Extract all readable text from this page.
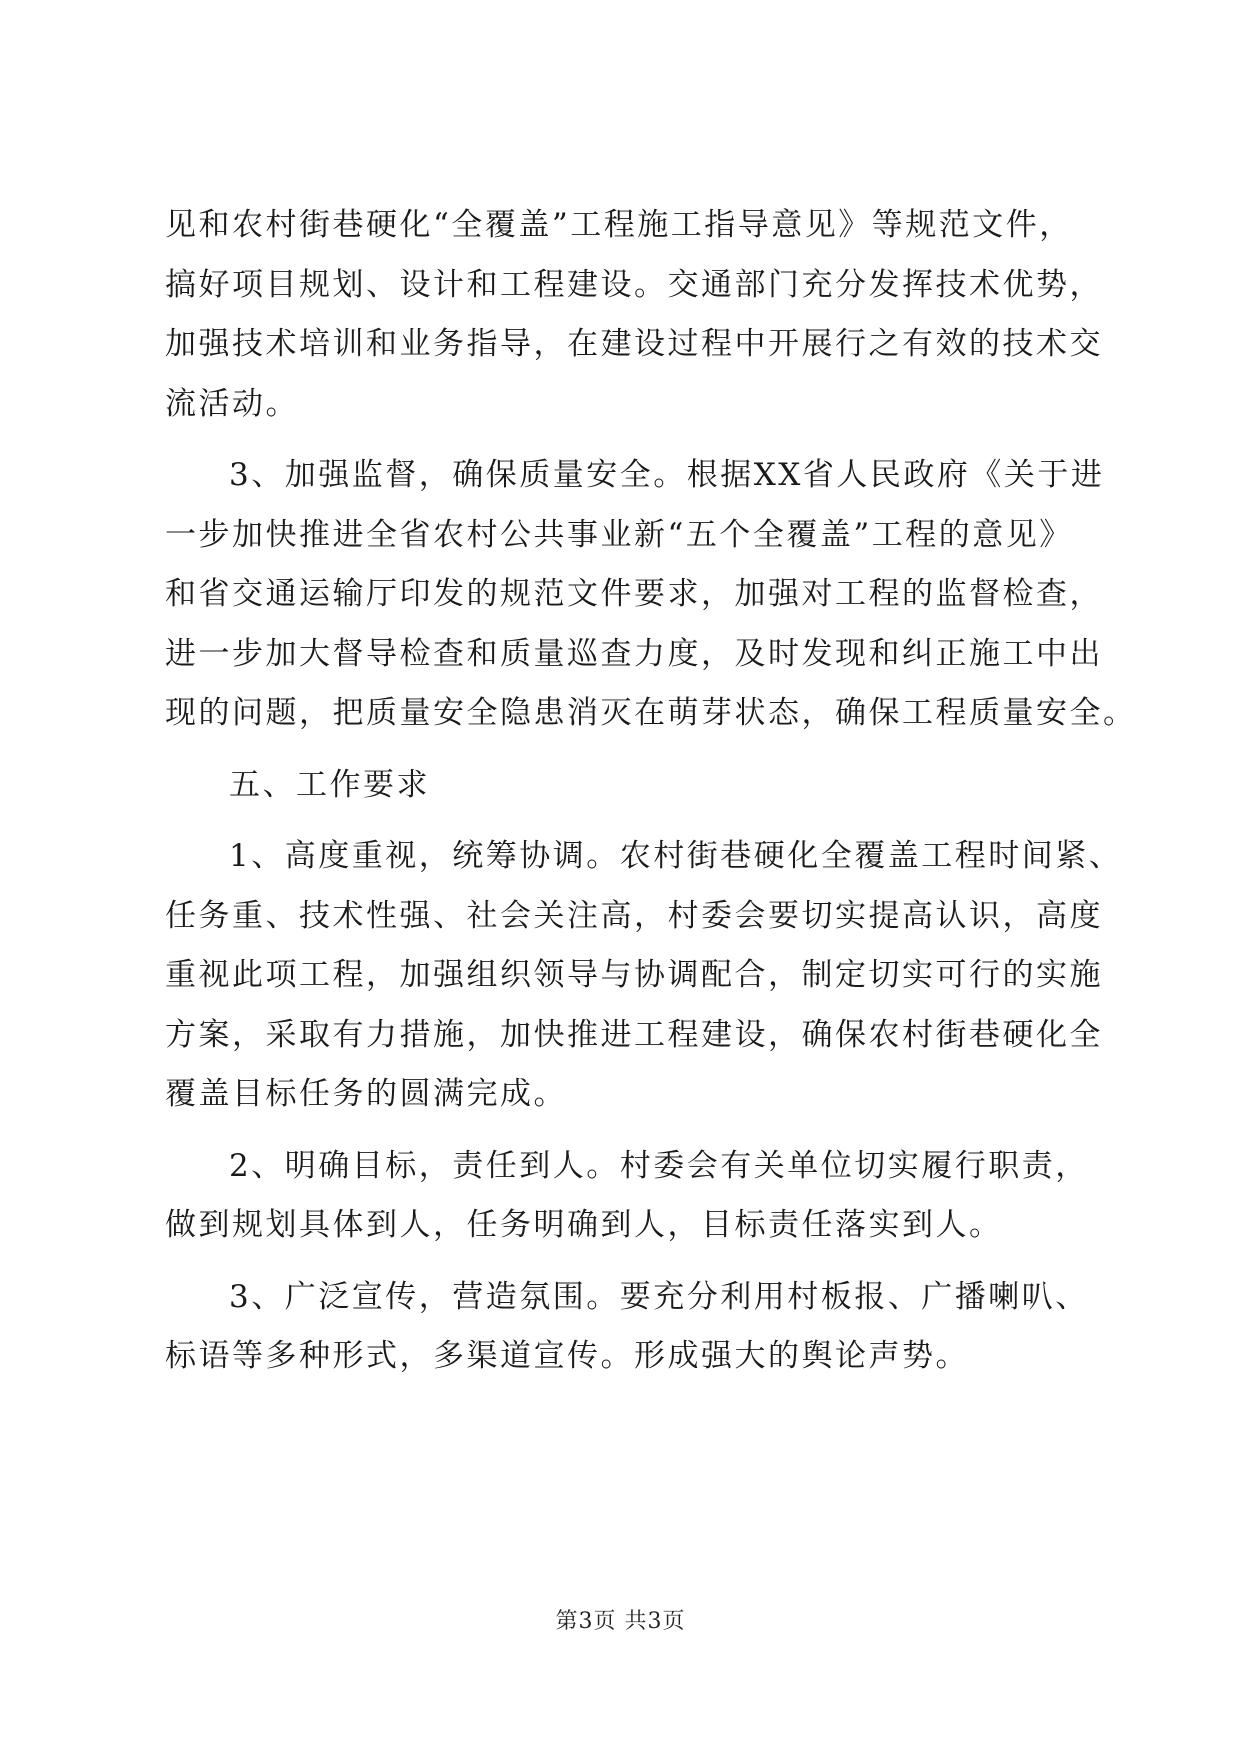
见和农村街巷硬化“全覆盖”工程施工指导意见》等规范文件，
搞好项目规划、设计和工程建设。交通部门充分发挥技术优势，
加强技术培训和业务指导，在建设过程中开展行之有效的技术交
流活动。
3、加强监督，确保质量安全。根据XX省人民政府《关于进
一步加快推进全省农村公共事业新“五个全覆盖”工程的意见》
和省交通运输厅印发的规范文件要求，加强对工程的监督检查，
进一步加大督导检查和质量巡查力度，及时发现和纠正施工中出
现的问题，把质量安全隐患消灭在萌芽状态，确保工程质量安全。
五、工作要求
1、高度重视，统筹协调。农村街巷硬化全覆盖工程时间紧、
任务重、技术性强、社会关注高，村委会要切实提高认识，高度
重视此项工程，加强组织领导与协调配合，制定切实可行的实施
方案，采取有力措施，加快推进工程建设，确保农村街巷硬化全
覆盖目标任务的圆满完成。
2、明确目标，责任到人。村委会有关单位切实履行职责，
做到规划具体到人，任务明确到人，目标责任落实到人。
3、广泛宣传，营造氛围。要充分利用村板报、广播喇叭、
标语等多种形式，多渠道宣传。形成强大的舆论声势。
第3页 共3页
